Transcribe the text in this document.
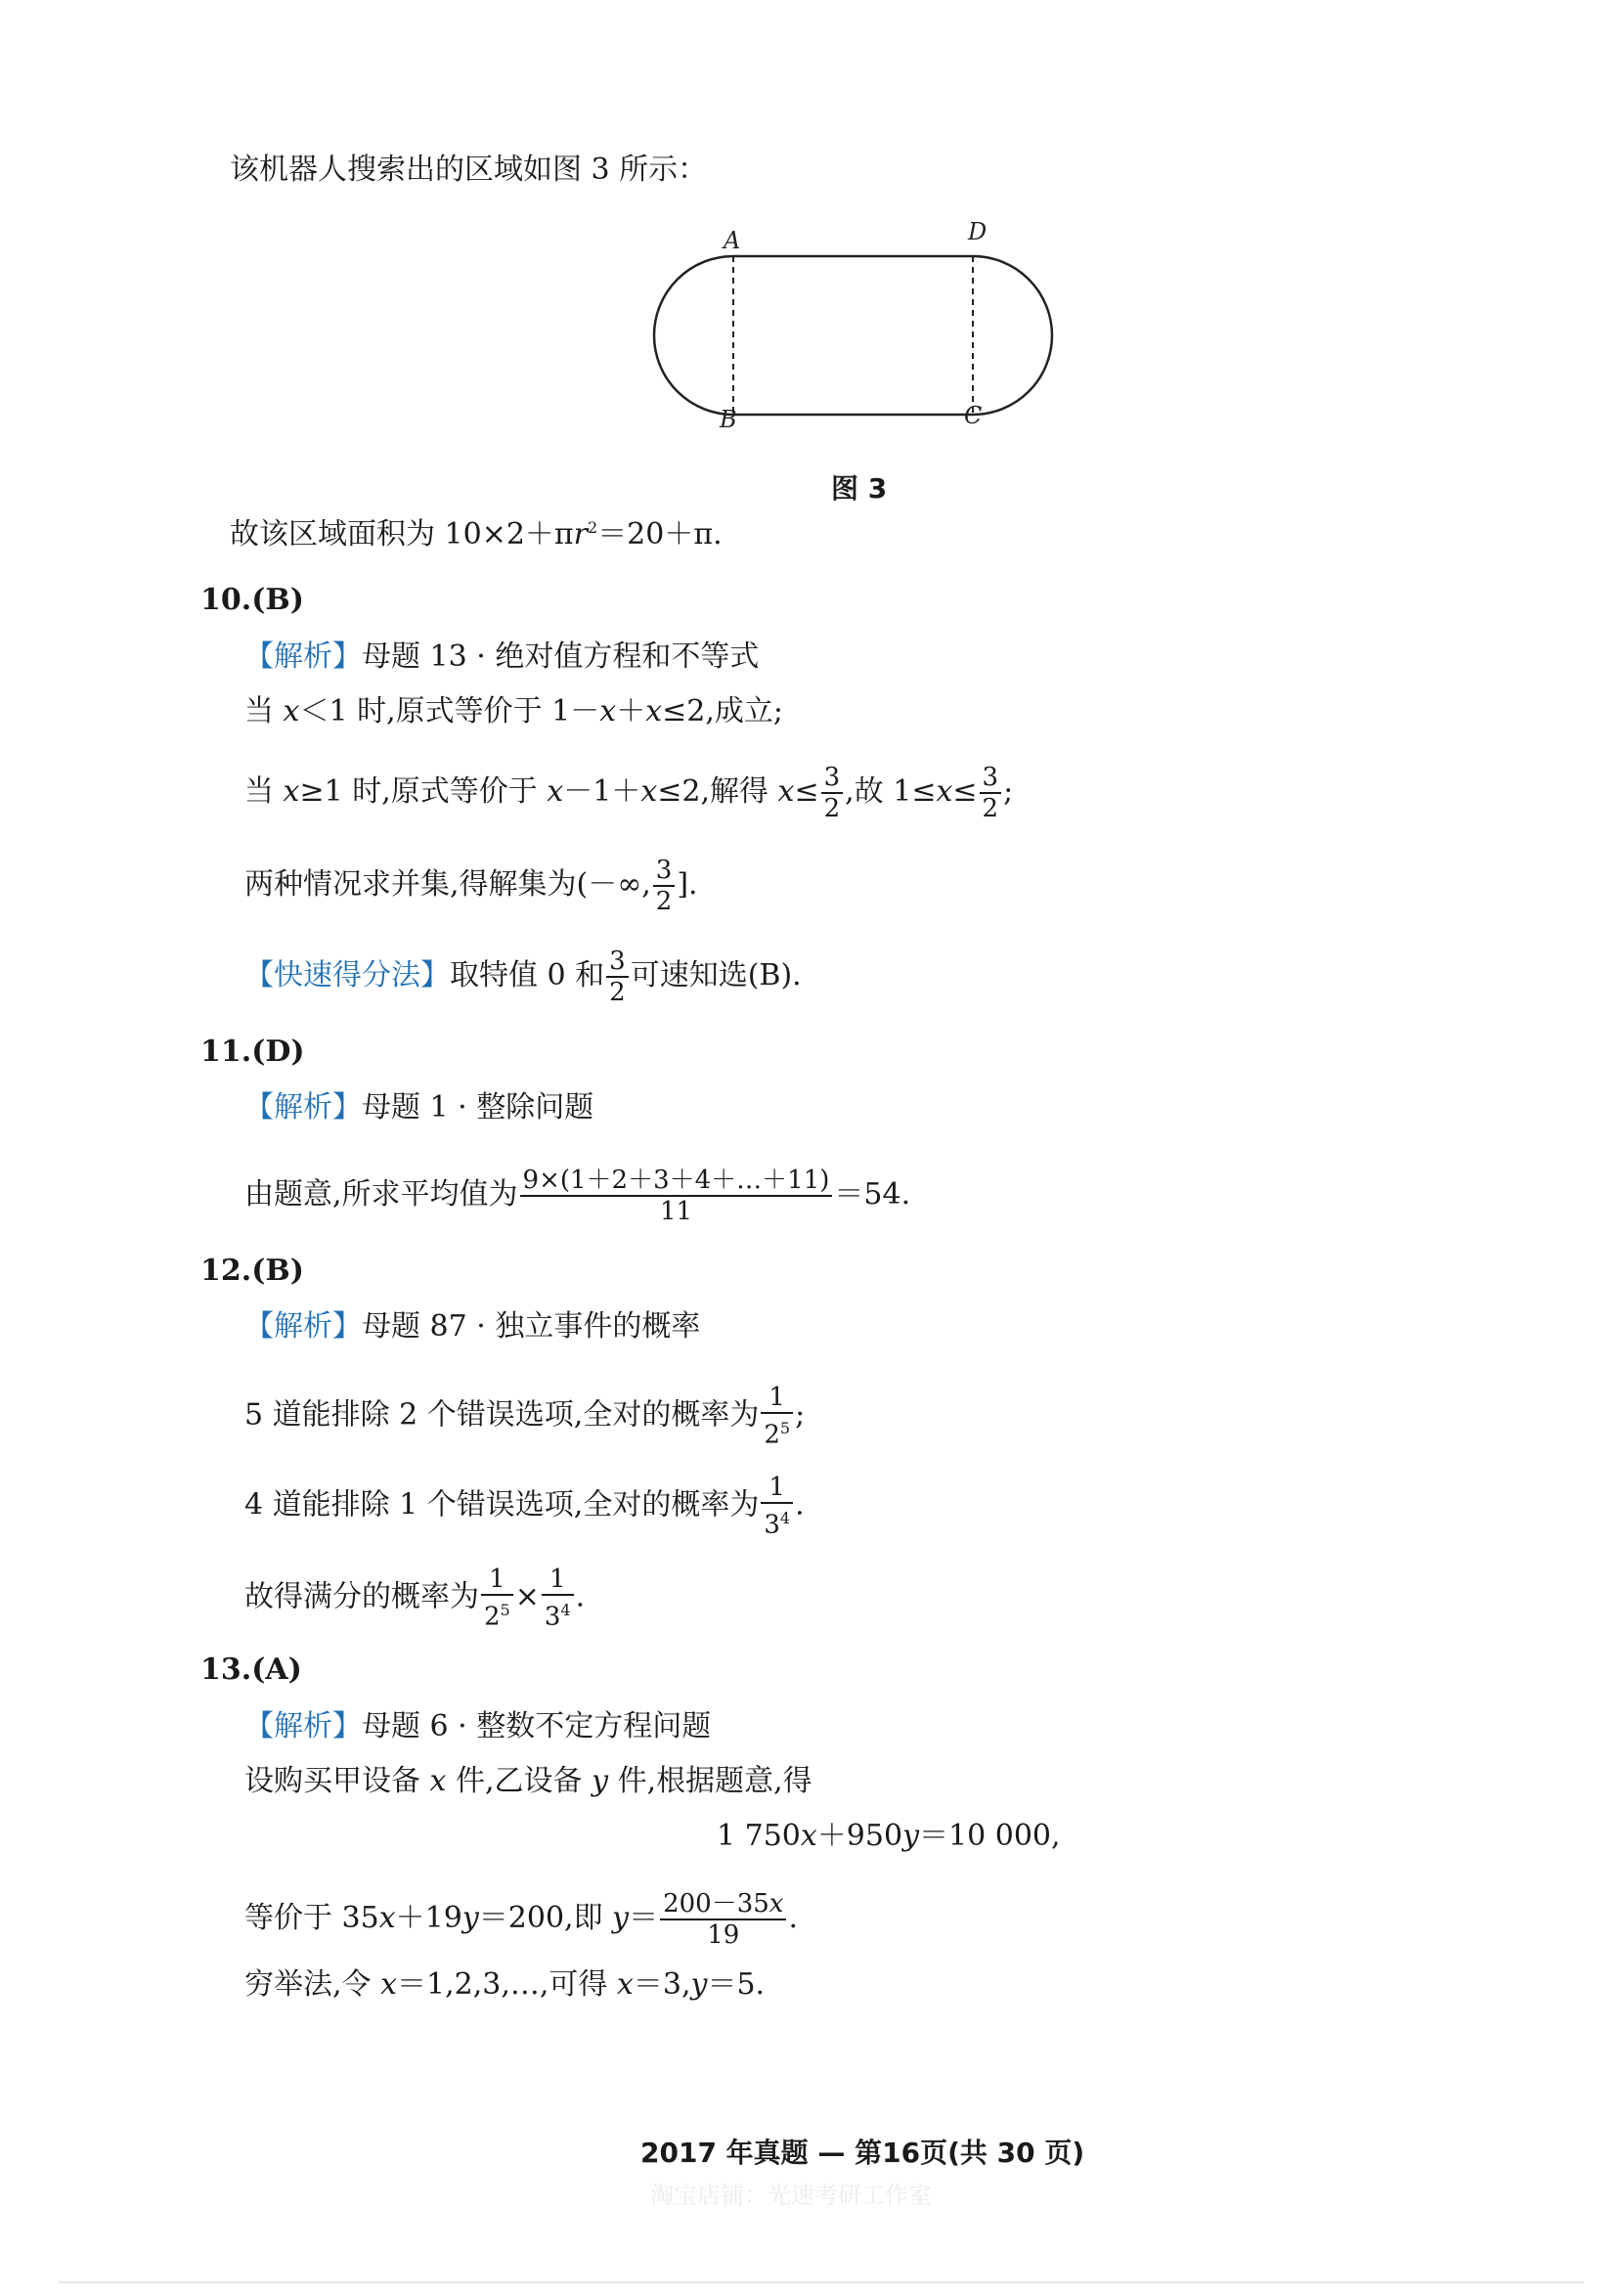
该机器人搜索出的区域如图 3 所示：
A	D
B	C
图 3
故该区域面积为 $10\times 2+\pi r^2=20+\pi$.
10.(B)
【解析】母题 13 · 绝对值方程和不等式
当 x＜1 时,原式等价于 1－x＋x≤2,成立;
当 x≥1 时,原式等价于 x－1＋x≤2,解得 $x\le \frac{3}{2}$ ,故 $1\le x\le \frac{3}{2}$ ;
两种情况求并集,得解集为(－∞, $\frac{3}{2}$ ].
【快速得分法】取特值 0 和 $\frac{3}{2}$ 可速知选(B).
11.(D)
【解析】母题 1 · 整除问题
由题意,所求平均值为 $\frac{9\times(1+2+3+4+\dots+11)}{11} =54$.
12.(B)
【解析】母题 87 · 独立事件的概率
5 道能排除 2 个错误选项,全对的概率为 $\frac{1}{2^5}$ ;
4 道能排除 1 个错误选项,全对的概率为 $\frac{1}{3^4}$ .
故得满分的概率为 $\frac{1}{2^5} \times \frac{1}{3^4}$ .
13.(A)
【解析】母题 6 · 整数不定方程问题
设购买甲设备 x 件,乙设备 y 件,根据题意,得
1 750x＋950y＝10 000,
等价于 35x＋19y＝200,即 $y= \frac{200-35x}{19}$ .
穷举法,令 x＝1,2,3,…,可得 x＝3,y＝5.
2017 年真题 — 第16页(共 30 页)
淘宝店铺：光速考研工作室
